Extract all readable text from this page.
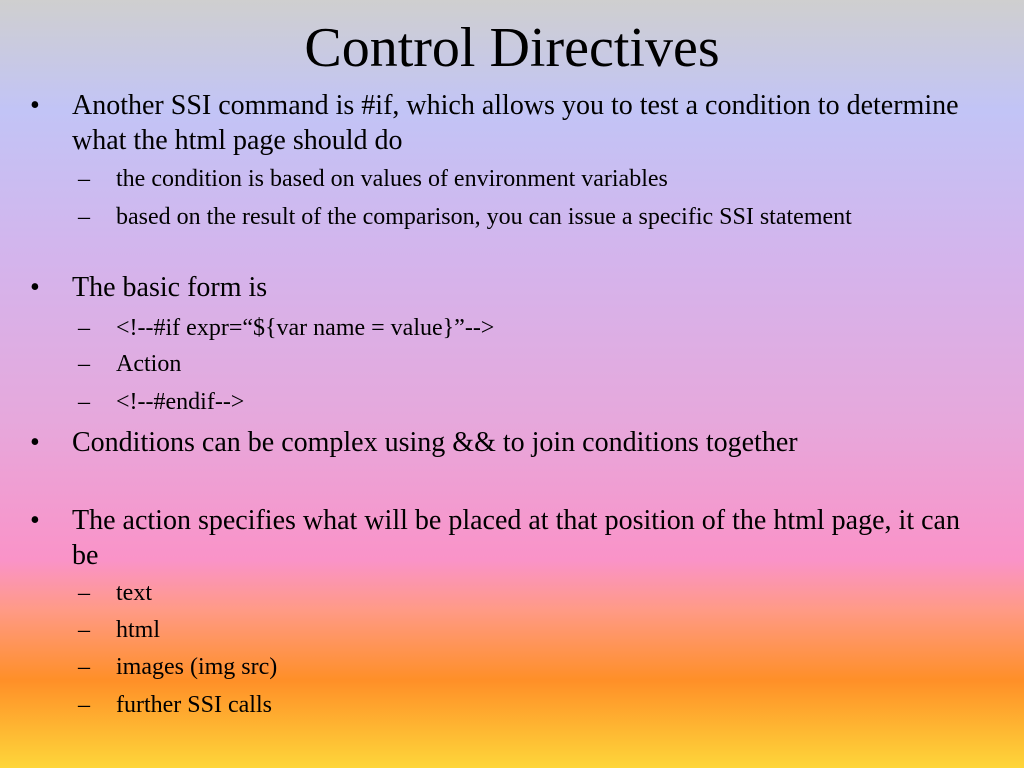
Control Directives
•	Another SSI command is #if, which allows you to test a condition to determine what the html page should do
–	the condition is based on values of environment variables
–	based on the result of the comparison, you can issue a specific SSI statement
•	The basic form is
–	<!--#if expr=“${var name = value}”-->
–	Action
–	<!--#endif-->
•	Conditions can be complex using && to join conditions together
•	The action specifies what will be placed at that position of the html page, it can be
–	text
–	html
–	images (img src)
–	further SSI calls
